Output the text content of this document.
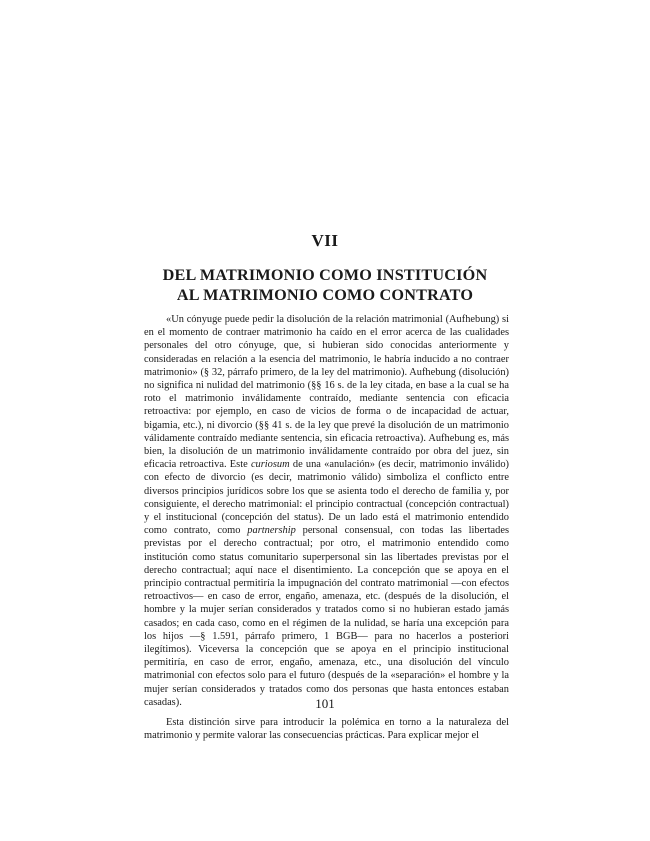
VII
DEL MATRIMONIO COMO INSTITUCIÓN
AL MATRIMONIO COMO CONTRATO

«Un cónyuge puede pedir la disolución de la relación matrimonial (Aufhebung) si en el momento de contraer matrimonio ha caído en el error acerca de las cualidades personales del otro cónyuge, que, si hubieran sido conocidas anteriormente y consideradas en relación a la esencia del matrimonio, le habría inducido a no contraer matrimonio» (§ 32, párrafo primero, de la ley del matrimonio). Aufhebung (disolución) no significa ni nulidad del matrimonio (§§ 16 s. de la ley citada, en base a la cual se ha roto el matrimonio inválidamente contraído, mediante sentencia con eficacia retroactiva: por ejemplo, en caso de vicios de forma o de incapacidad de actuar, bigamia, etc.), ni divorcio (§§ 41 s. de la ley que prevé la disolución de un matrimonio válidamente contraído mediante sentencia, sin eficacia retroactiva). Aufhebung es, más bien, la disolución de un matrimonio inválidamente contraído por obra del juez, sin eficacia retroactiva. Este curiosum de una «anulación» (es decir, matrimonio inválido) con efecto de divorcio (es decir, matrimonio válido) simboliza el conflicto entre diversos principios jurídicos sobre los que se asienta todo el derecho de familia y, por consiguiente, el derecho matrimonial: el principio contractual (concepción contractual) y el institucional (concepción del status). De un lado está el matrimonio entendido como contrato, como partnership personal consensual, con todas las libertades previstas por el derecho contractual; por otro, el matrimonio entendido como institución como status comunitario superpersonal sin las libertades previstas por el derecho contractual; aquí nace el disentimiento. La concepción que se apoya en el principio contractual permitiría la impugnación del contrato matrimonial —con efectos retroactivos— en caso de error, engaño, amenaza, etc. (después de la disolución, el hombre y la mujer serían considerados y tratados como si no hubieran estado jamás casados; en cada caso, como en el régimen de la nulidad, se haría una excepción para los hijos —§ 1.591, párrafo primero, 1 BGB— para no hacerlos a posteriori ilegítimos). Viceversa la concepción que se apoya en el principio institucional permitiría, en caso de error, engaño, amenaza, etc., una disolución del vínculo matrimonial con efectos solo para el futuro (después de la «separación» el hombre y la mujer serían considerados y tratados como dos personas que hasta entonces estaban casadas).

Esta distinción sirve para introducir la polémica en torno a la naturaleza del matrimonio y permite valorar las consecuencias prácticas. Para explicar mejor el

101
